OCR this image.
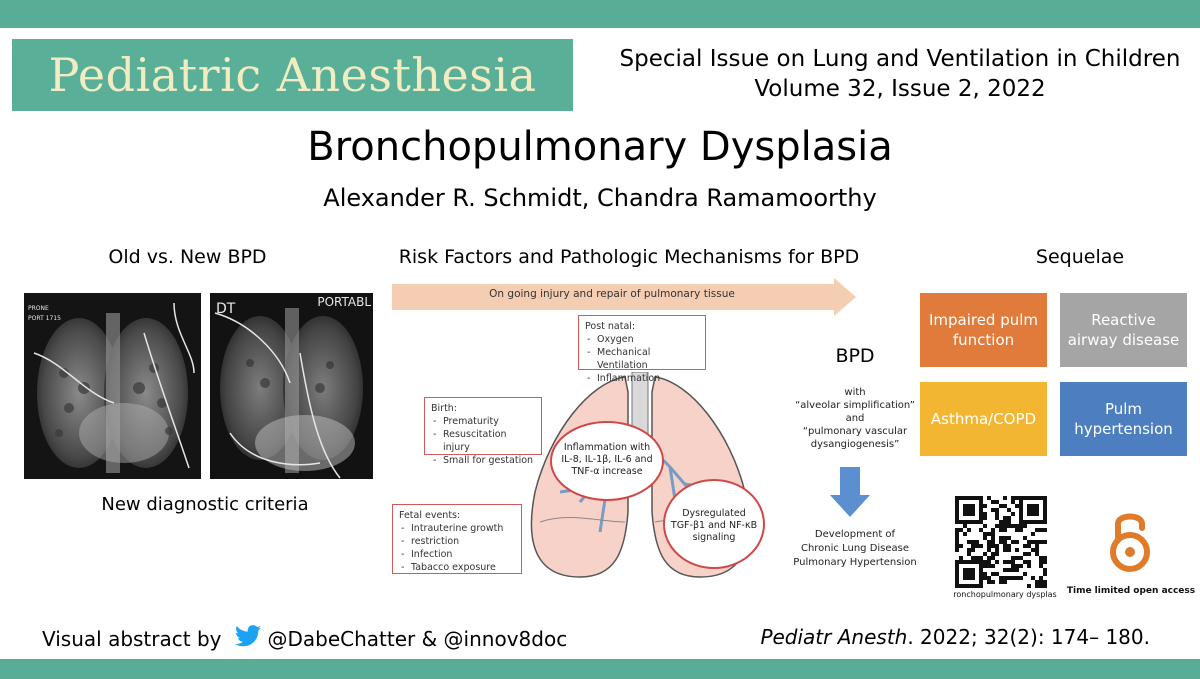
Pediatric Anesthesia	Special Issue on Lung and Ventilation in Children
Volume 32, Issue 2, 2022
Bronchopulmonary Dysplasia
Alexander R. Schmidt, Chandra Ramamoorthy
Old vs. New BPD
PRONE
PORT 1715
DT	PORTABL
New diagnostic criteria
Risk Factors and Pathologic Mechanisms for BPD
On going injury and repair of pulmonary tissue
Inflammation with
IL-8, IL-1β, IL-6 and
TNF-α increase
Dysregulated
TGF-β1 and NF-κB
signaling
Post natal:
- Oxygen
- Mechanical Ventilation
- Inflammation
Birth:
- Prematurity
- Resuscitation injury
- Small for gestation
Fetal events:
- Intrauterine growth
- restriction
- Infection
- Tabacco exposure
BPD
with
“alveolar simplification”
and
“pulmonary vascular
dysangiogenesis”
Development of
Chronic Lung Disease
Pulmonary Hypertension
Sequelae
Impaired pulm function
Reactive airway disease
Asthma/COPD
Pulm hypertension
ronchopulmonary dysplas	Time limited open access
Visual abstract by @DabeChatter & @innov8doc	Pediatr Anesth. 2022; 32(2): 174– 180.
